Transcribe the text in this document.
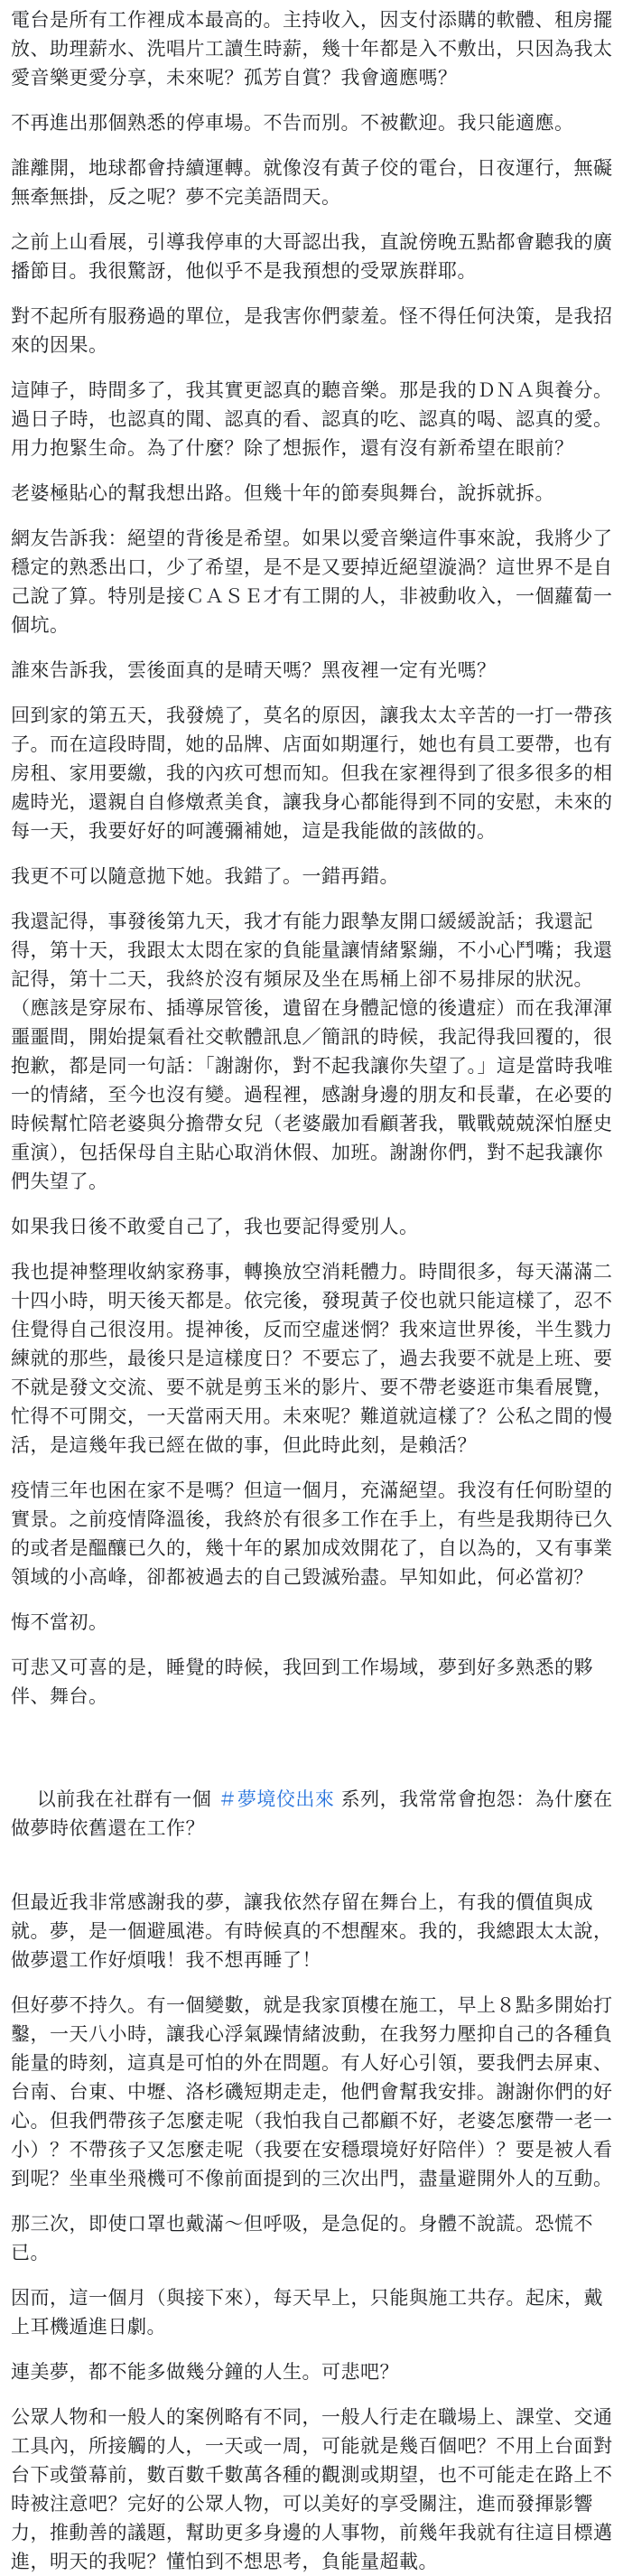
電台是所有工作裡成本最高的。主持收入，因支付添購的軟體、租房擺放、助理薪水、洗唱片工讀生時薪，幾十年都是入不敷出，只因為我太愛音樂更愛分享，未來呢？孤芳自賞？我會適應嗎？

不再進出那個熟悉的停車場。不告而別。不被歡迎。我只能適應。

誰離開，地球都會持續運轉。就像沒有黃子佼的電台，日夜運行，無礙無牽無掛，反之呢？夢不完美語問天。

之前上山看展，引導我停車的大哥認出我，直說傍晚五點都會聽我的廣播節目。我很驚訝，他似乎不是我預想的受眾族群耶。

對不起所有服務過的單位，是我害你們蒙羞。怪不得任何決策，是我招來的因果。

這陣子，時間多了，我其實更認真的聽音樂。那是我的ＤＮＡ與養分。過日子時，也認真的聞、認真的看、認真的吃、認真的喝、認真的愛。用力抱緊生命。為了什麼？除了想振作，還有沒有新希望在眼前？

老婆極貼心的幫我想出路。但幾十年的節奏與舞台，說拆就拆。

網友告訴我：絕望的背後是希望。如果以愛音樂這件事來說，我將少了穩定的熟悉出口，少了希望，是不是又要掉近絕望漩渦？這世界不是自己說了算。特別是接ＣＡＳＥ才有工開的人，非被動收入，一個蘿蔔一個坑。

誰來告訴我，雲後面真的是晴天嗎？黑夜裡一定有光嗎？

回到家的第五天，我發燒了，莫名的原因，讓我太太辛苦的一打一帶孩子。而在這段時間，她的品牌、店面如期運行，她也有員工要帶，也有房租、家用要繳，我的內疚可想而知。但我在家裡得到了很多很多的相處時光，還親自自修燉煮美食，讓我身心都能得到不同的安慰，未來的每一天，我要好好的呵護彌補她，這是我能做的該做的。

我更不可以隨意拋下她。我錯了。一錯再錯。

我還記得，事發後第九天，我才有能力跟摯友開口緩緩說話；我還記得，第十天，我跟太太悶在家的負能量讓情緒緊繃，不小心鬥嘴；我還記得，第十二天，我終於沒有頻尿及坐在馬桶上卻不易排尿的狀況。（應該是穿尿布、插導尿管後，遺留在身體記憶的後遺症）而在我渾渾噩噩間，開始提氣看社交軟體訊息／簡訊的時候，我記得我回覆的，很抱歉，都是同一句話：「謝謝你，對不起我讓你失望了。」這是當時我唯一的情緒，至今也沒有變。過程裡，感謝身邊的朋友和長輩，在必要的時候幫忙陪老婆與分擔帶女兒（老婆嚴加看顧著我，戰戰兢兢深怕歷史重演），包括保母自主貼心取消休假、加班。謝謝你們，對不起我讓你們失望了。

如果我日後不敢愛自己了，我也要記得愛別人。

我也提神整理收納家務事，轉換放空消耗體力。時間很多，每天滿滿二十四小時，明天後天都是。依完後，發現黃子佼也就只能這樣了，忍不住覺得自己很沒用。提神後，反而空虛迷惘？我來這世界後，半生戮力練就的那些，最後只是這樣度日？不要忘了，過去我要不就是上班、要不就是發文交流、要不就是剪玉米的影片、要不帶老婆逛市集看展覽，忙得不可開交，一天當兩天用。未來呢？難道就這樣了？公私之間的慢活，是這幾年我已經在做的事，但此時此刻，是賴活？

疫情三年也困在家不是嗎？但這一個月，充滿絕望。我沒有任何盼望的實景。之前疫情降溫後，我終於有很多工作在手上，有些是我期待已久的或者是醞釀已久的，幾十年的累加成效開花了，自以為的，又有事業領域的小高峰，卻都被過去的自己毀滅殆盡。早知如此，何必當初？

悔不當初。

可悲又可喜的是，睡覺的時候，我回到工作場域，夢到好多熟悉的夥伴、舞台。

以前我在社群有一個 ＃夢境佼出來 系列，我常常會抱怨：為什麼在做夢時依舊還在工作？

但最近我非常感謝我的夢，讓我依然存留在舞台上，有我的價值與成就。夢，是一個避風港。有時候真的不想醒來。我的，我總跟太太說，做夢還工作好煩哦！我不想再睡了！

但好夢不持久。有一個變數，就是我家頂樓在施工，早上８點多開始打鑿，一天八小時，讓我心浮氣躁情緒波動，在我努力壓抑自己的各種負能量的時刻，這真是可怕的外在問題。有人好心引領，要我們去屏東、台南、台東、中壢、洛杉磯短期走走，他們會幫我安排。謝謝你們的好心。但我們帶孩子怎麼走呢（我怕我自己都顧不好，老婆怎麼帶一老一小）？不帶孩子又怎麼走呢（我要在安穩環境好好陪伴）？要是被人看到呢？坐車坐飛機可不像前面提到的三次出門，盡量避開外人的互動。

那三次，即使口罩也戴滿～但呼吸，是急促的。身體不說謊。恐慌不已。

因而，這一個月（與接下來），每天早上，只能與施工共存。起床，戴上耳機遁進日劇。

連美夢，都不能多做幾分鐘的人生。可悲吧？

公眾人物和一般人的案例略有不同，一般人行走在職場上、課堂、交通工具內，所接觸的人，一天或一周，可能就是幾百個吧？不用上台面對台下或螢幕前，數百數千數萬各種的觀測或期望，也不可能走在路上不時被注意吧？完好的公眾人物，可以美好的享受關注，進而發揮影響力，推動善的議題，幫助更多身邊的人事物，前幾年我就有往這目標邁進，明天的我呢？懂怕到不想思考，負能量超載。
